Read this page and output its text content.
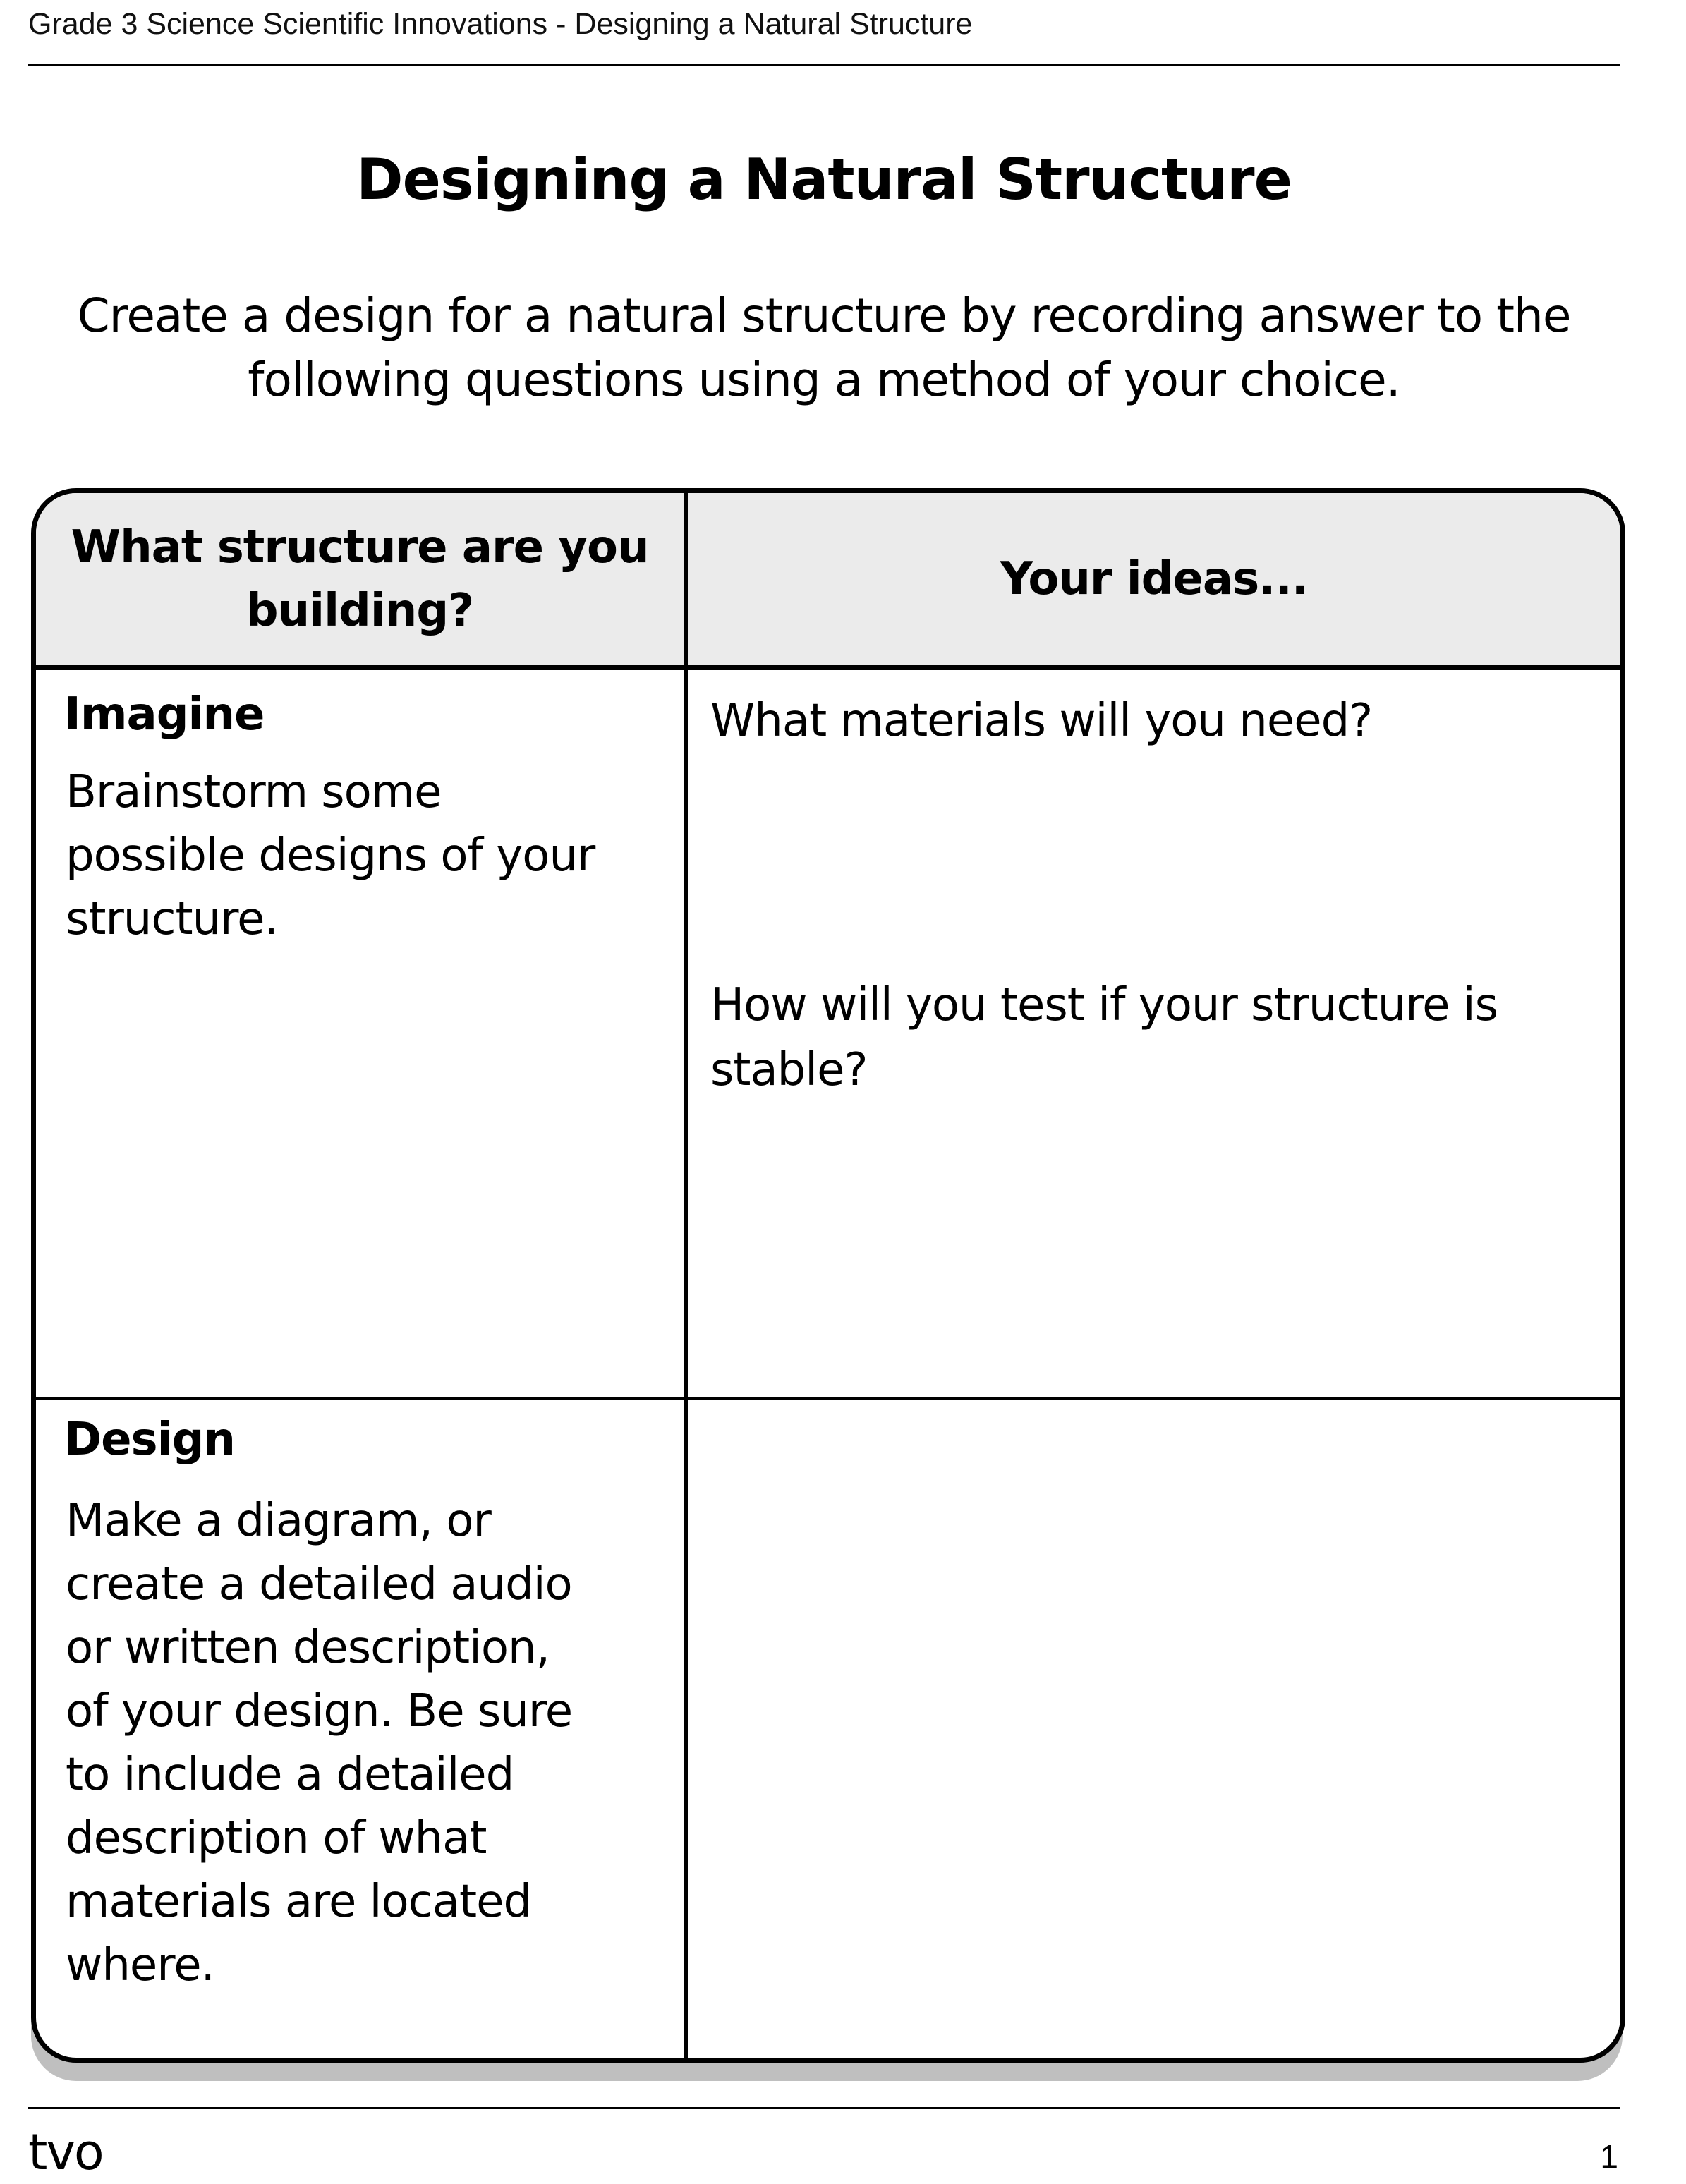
Grade 3 Science Scientific Innovations - Designing a Natural Structure
Designing a Natural Structure
Create a design for a natural structure by recording answer to the
following questions using a method of your choice.
What structure are you
building?
Your ideas...
Imagine
Brainstorm some
possible designs of your
structure.
What materials will you need?
How will you test if your structure is
stable?
Design
Make a diagram, or
create a detailed audio
or written description,
of your design. Be sure
to include a detailed
description of what
materials are located
where.
tvo	1
